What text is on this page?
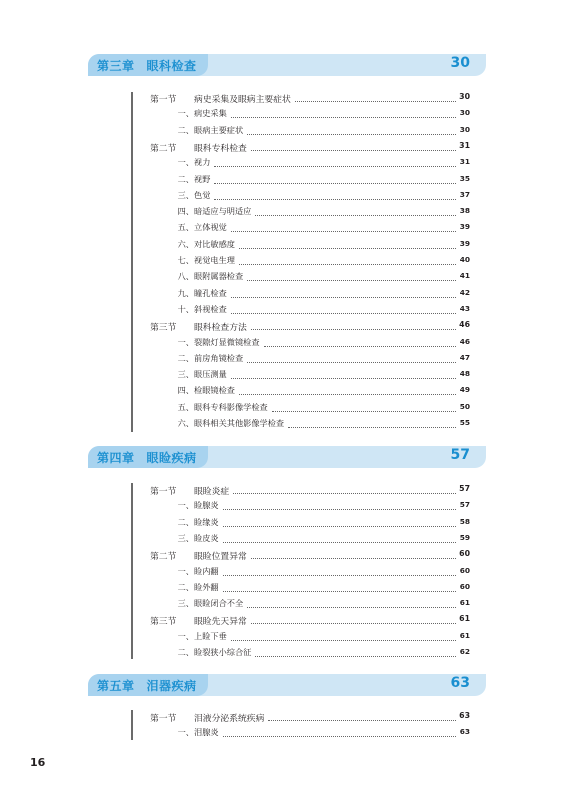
第三章 眼科检查	30
第四章 眼睑疾病	57
第五章 泪器疾病	63
第一节 病史采集及眼病主要症状	30
一、病史采集	30
二、眼病主要症状	30
第二节 眼科专科检查	31
一、视力	31
二、视野	35
三、色觉	37
四、暗适应与明适应	38
五、立体视觉	39
六、对比敏感度	39
七、视觉电生理	40
八、眼附属器检查	41
九、瞳孔检查	42
十、斜视检查	43
第三节 眼科检查方法	46
一、裂隙灯显微镜检查	46
二、前房角镜检查	47
三、眼压测量	48
四、检眼镜检查	49
五、眼科专科影像学检查	50
六、眼科相关其他影像学检查	55
第一节 眼睑炎症	57
一、睑腺炎	57
二、睑缘炎	58
三、睑皮炎	59
第二节 眼睑位置异常	60
一、睑内翻	60
二、睑外翻	60
三、眼睑闭合不全	61
第三节 眼睑先天异常	61
一、上睑下垂	61
二、睑裂狭小综合征	62
第一节 泪液分泌系统疾病	63
一、泪腺炎	63
16
